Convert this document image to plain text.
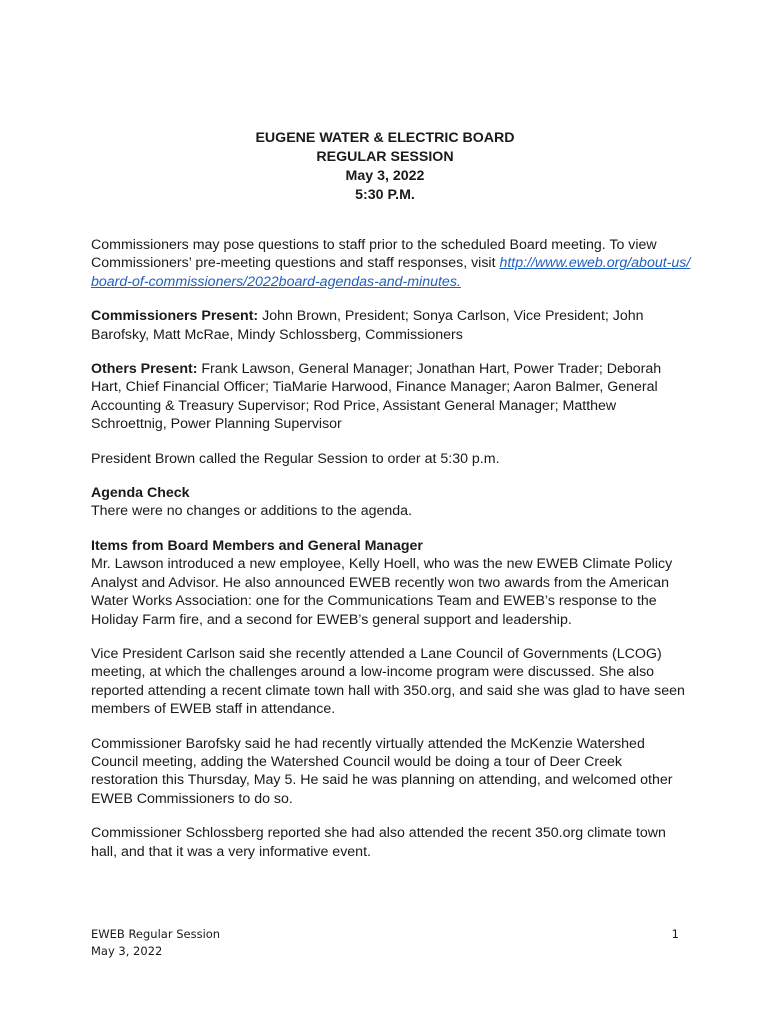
EUGENE WATER & ELECTRIC BOARD
REGULAR SESSION
May 3, 2022
5:30 P.M.

Commissioners may pose questions to staff prior to the scheduled Board meeting. To view Commissioners’ pre-meeting questions and staff responses, visit http://www.eweb.org/about-us/board-of-commissioners/2022board-agendas-and-minutes.

Commissioners Present: John Brown, President; Sonya Carlson, Vice President; John Barofsky, Matt McRae, Mindy Schlossberg, Commissioners

Others Present: Frank Lawson, General Manager; Jonathan Hart, Power Trader; Deborah Hart, Chief Financial Officer; TiaMarie Harwood, Finance Manager; Aaron Balmer, General Accounting & Treasury Supervisor; Rod Price, Assistant General Manager; Matthew Schroettnig, Power Planning Supervisor

President Brown called the Regular Session to order at 5:30 p.m.

Agenda Check
There were no changes or additions to the agenda.

Items from Board Members and General Manager
Mr. Lawson introduced a new employee, Kelly Hoell, who was the new EWEB Climate Policy Analyst and Advisor. He also announced EWEB recently won two awards from the American Water Works Association: one for the Communications Team and EWEB’s response to the Holiday Farm fire, and a second for EWEB’s general support and leadership.

Vice President Carlson said she recently attended a Lane Council of Governments (LCOG) meeting, at which the challenges around a low-income program were discussed. She also reported attending a recent climate town hall with 350.org, and said she was glad to have seen members of EWEB staff in attendance.

Commissioner Barofsky said he had recently virtually attended the McKenzie Watershed Council meeting, adding the Watershed Council would be doing a tour of Deer Creek restoration this Thursday, May 5. He said he was planning on attending, and welcomed other EWEB Commissioners to do so.

Commissioner Schlossberg reported she had also attended the recent 350.org climate town hall, and that it was a very informative event.

EWEB Regular Session
May 3, 2022
1
